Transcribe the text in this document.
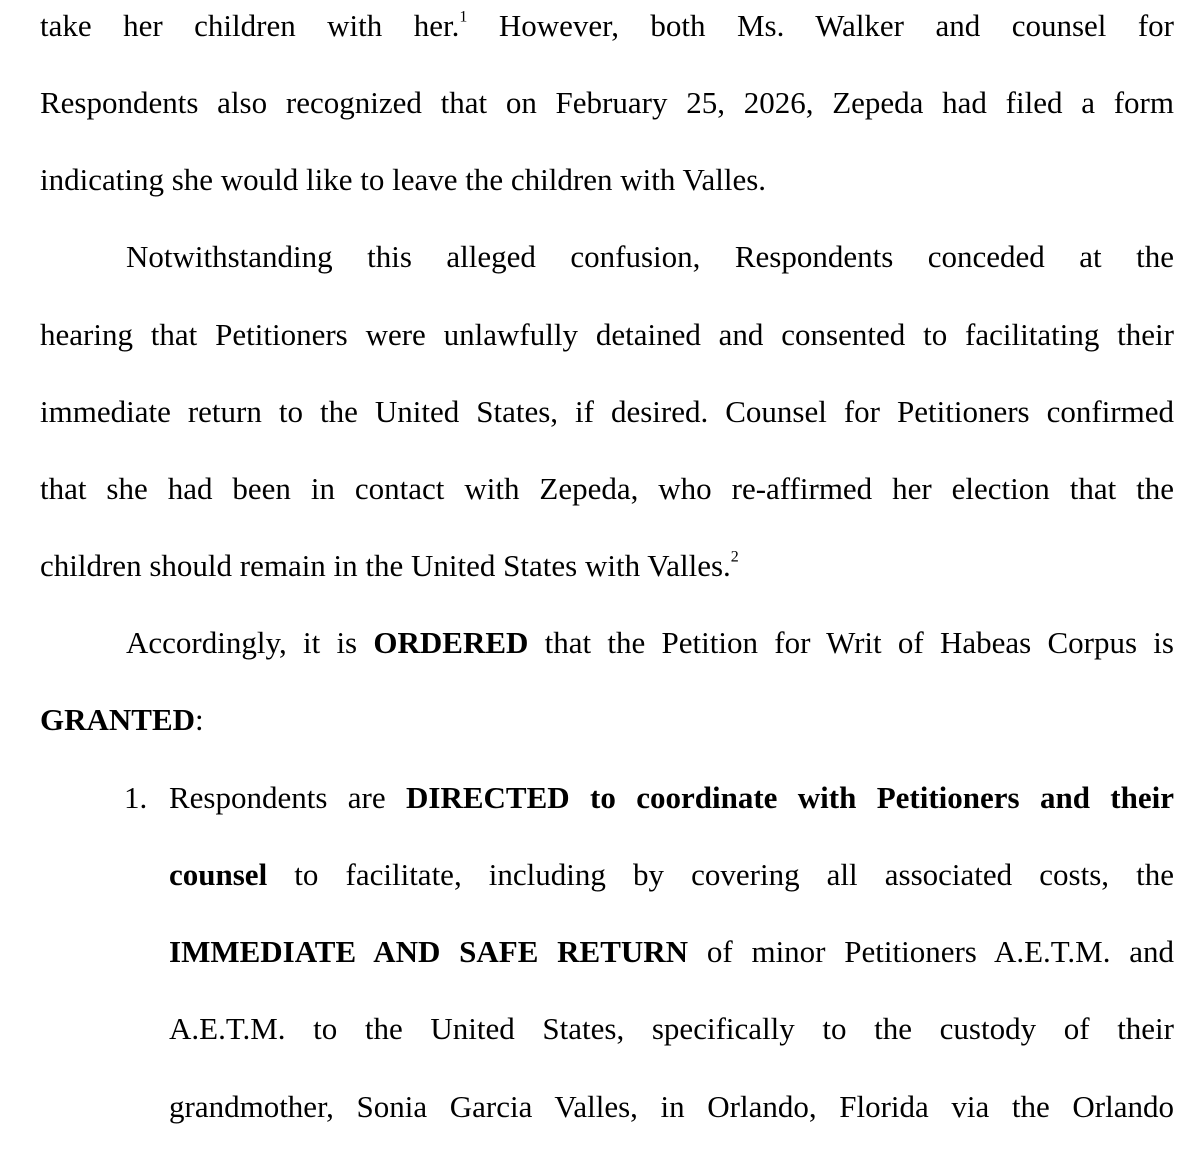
take her children with her.$^1$ However, both Ms. Walker and counsel for
Respondents also recognized that on February 25, 2026, Zepeda had filed a form
indicating she would like to leave the children with Valles.
Notwithstanding this alleged confusion, Respondents conceded at the
hearing that Petitioners were unlawfully detained and consented to facilitating their
immediate return to the United States, if desired. Counsel for Petitioners confirmed
that she had been in contact with Zepeda, who re-affirmed her election that the
children should remain in the United States with Valles.$^2$
Accordingly, it is ORDERED that the Petition for Writ of Habeas Corpus is
GRANTED:
1. Respondents are DIRECTED to coordinate with Petitioners and their
counsel to facilitate, including by covering all associated costs, the
IMMEDIATE AND SAFE RETURN of minor Petitioners A.E.T.M. and
A.E.T.M. to the United States, specifically to the custody of their
grandmother, Sonia Garcia Valles, in Orlando, Florida via the Orlando
